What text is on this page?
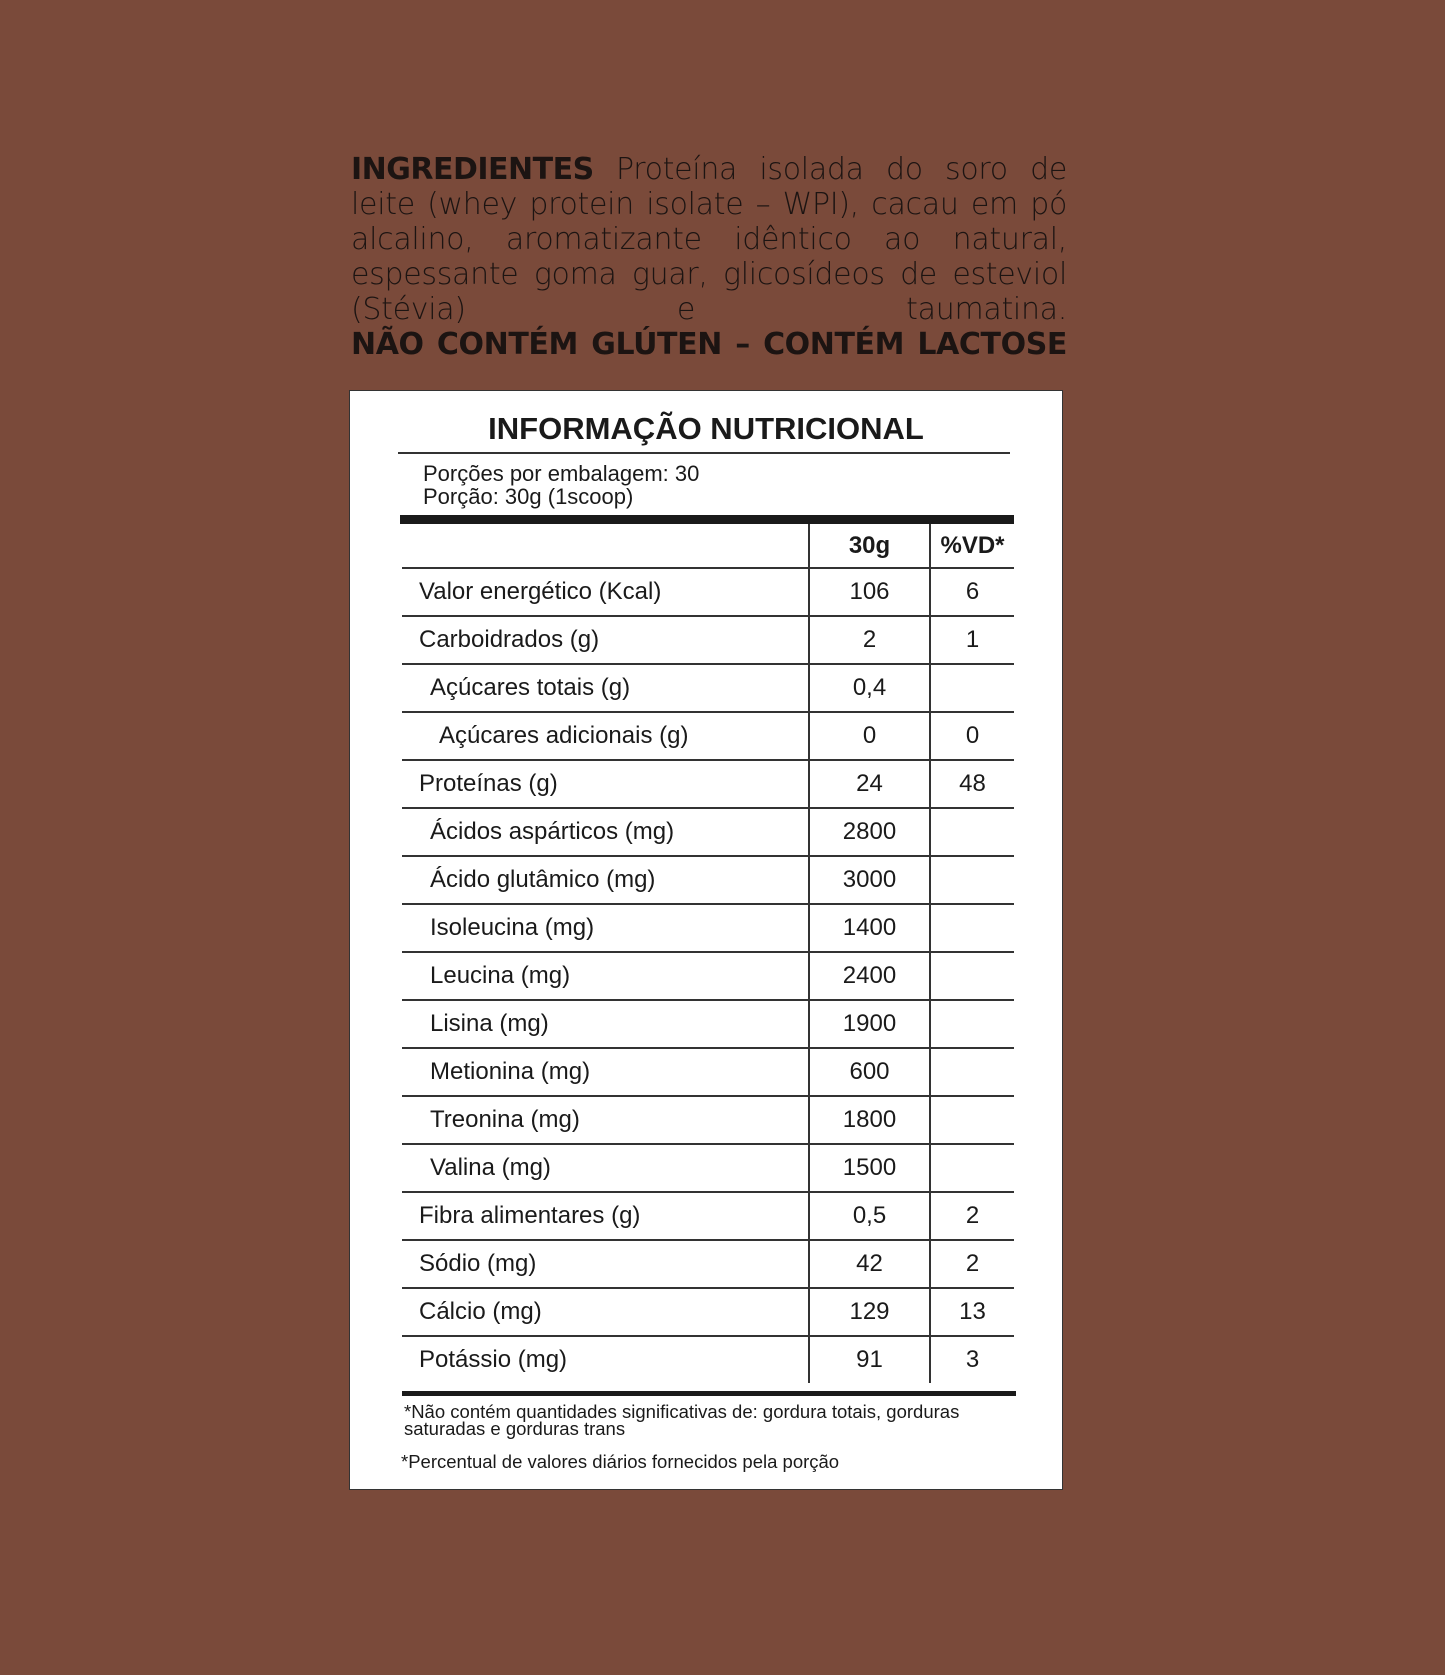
INGREDIENTES Proteína isolada do soro de leite (whey protein isolate – WPI), cacau em pó alcalino, aromatizante idêntico ao natural, espessante goma guar, glicosídeos de esteviol (Stévia) e taumatina.
NÃO CONTÉM GLÚTEN – CONTÉM LACTOSE
INFORMAÇÃO NUTRICIONAL
Porções por embalagem: 30
Porção: 30g (1scoop)
	30g	%VD*
Valor energético (Kcal)	106	6
Carboidrados (g)	2	1
Açúcares totais (g)	0,4	
Açúcares adicionais (g)	0	0
Proteínas (g)	24	48
Ácidos aspárticos (mg)	2800	
Ácido glutâmico (mg)	3000	
Isoleucina (mg)	1400	
Leucina (mg)	2400	
Lisina (mg)	1900	
Metionina (mg)	600	
Treonina (mg)	1800	
Valina (mg)	1500	
Fibra alimentares (g)	0,5	2
Sódio (mg)	42	2
Cálcio (mg)	129	13
Potássio (mg)	91	3
*Não contém quantidades significativas de: gordura totais, gorduras saturadas e gorduras trans
*Percentual de valores diários fornecidos pela porção
